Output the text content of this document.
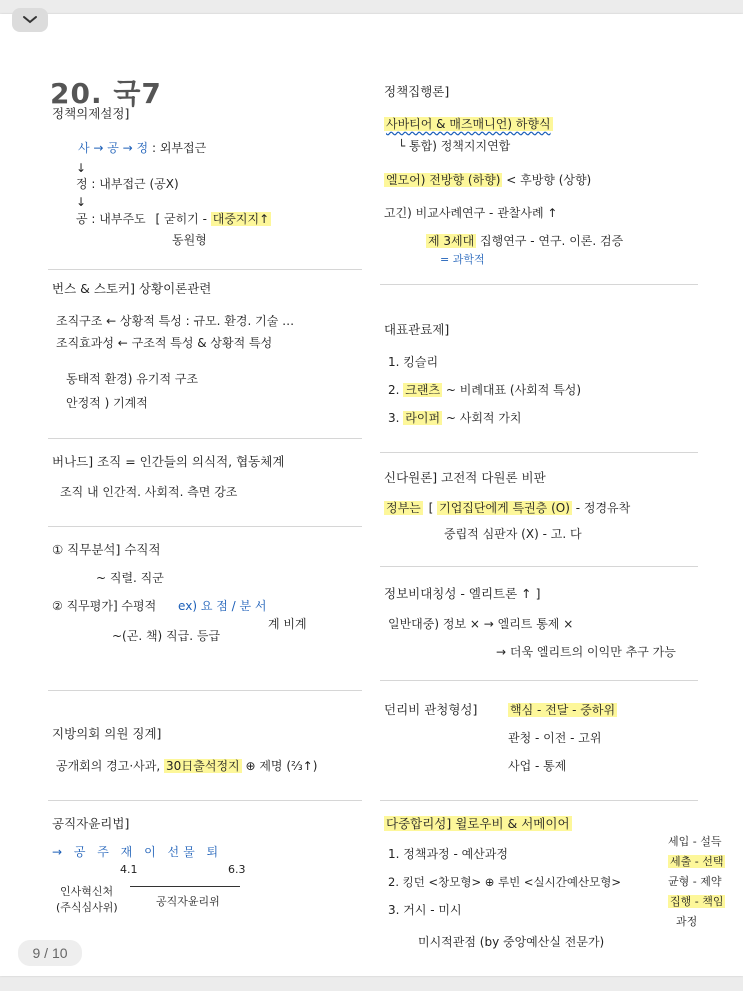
20. 국7
정책의제설정]
사 → 공 → 정 : 외부접근
↓
정 : 내부접근 (공X)
↓
공 : 내부주도 [ 굳히기 - 대중지지↑
동원형
번스 & 스토커] 상황이론관련
조직구조 ← 상황적 특성 : 규모. 환경. 기술 …
조직효과성 ← 구조적 특성 & 상황적 특성
동태적 환경) 유기적 구조
안정적 ) 기계적
버나드] 조직 = 인간들의 의식적, 협동체계
조직 내 인간적. 사회적. 측면 강조
① 직무분석] 수직적
~ 직렬. 직군
② 직무평가] 수평적 ex) 요 점 / 분 서
계 비계
~(곤. 책) 직급. 등급
지방의회 의원 징계]
공개회의 경고·사과, 30日출석정지 ⊕ 제명 (⅔↑)
공직자윤리법]
→ 공 주 재 이 선물 퇴
4.1	6.3
인사혁신처
(주식심사위)	공직자윤리위
정책집행론]
사바티어 & 매즈매니언) 하향식
└ 통합) 정책지지연합
엘모어) 전방향 (하향) < 후방향 (상향)
고긴) 비교사례연구 - 관찰사례 ↑
제 3세대 집행연구 - 연구. 이론. 검증
= 과학적
대표관료제]
1. 킹슬리
2. 크랜츠 ~ 비례대표 (사회적 특성)
3. 라이퍼 ~ 사회적 가치
신다원론] 고전적 다원론 비판
정부는 [ 기업집단에게 특권층 (O) - 정경유착
중립적 심판자 (X) - 고. 다
정보비대칭성 - 엘리트론 ↑ ]
일반대중) 정보 × → 엘리트 통제 ×
→ 더욱 엘리트의 이익만 추구 가능
던리비 관청형성]	핵심 - 전달 - 중하위
관청 - 이전 - 고위
사업 - 통제
다중합리성] 윌로우비 & 서메이어
1. 정책과정 - 예산과정
2. 킹던 <창모형> ⊕ 루빈 <실시간예산모형>
3. 거시 - 미시
미시적관점 (by 중앙예산실 전문가)
세입 - 설득
세출 - 선택
균형 - 제약
집행 - 책임
과정
9 / 10
